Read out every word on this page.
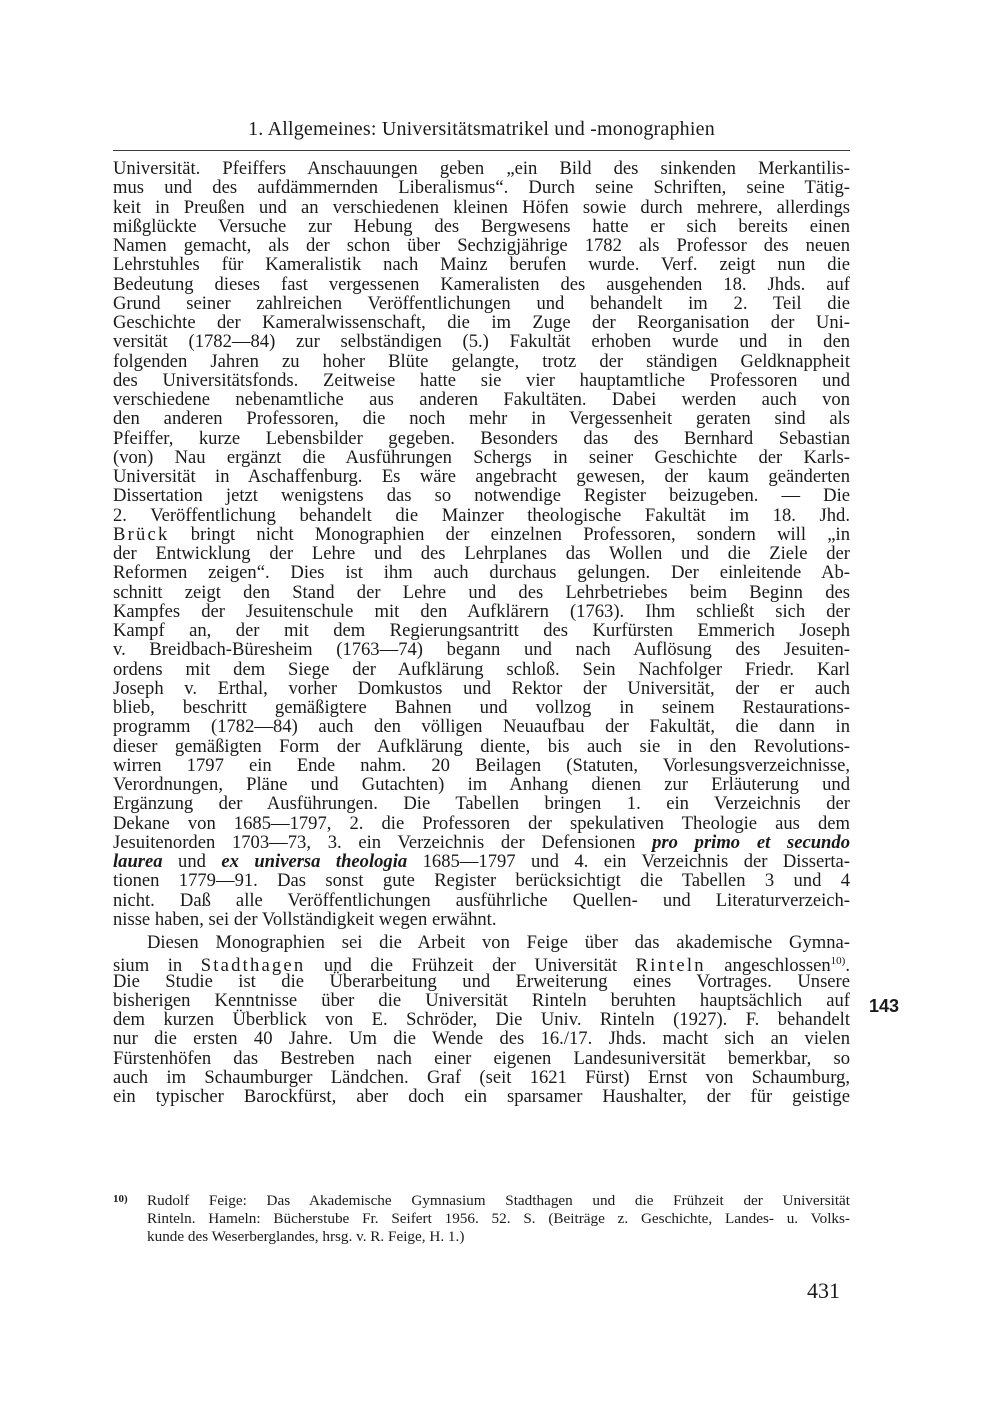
1. Allgemeines: Universitätsmatrikel und -monographien
Universität. Pfeiffers Anschauungen geben „ein Bild des sinkenden Merkantilis-
mus und des aufdämmernden Liberalismus“. Durch seine Schriften, seine Tätig-
keit in Preußen und an verschiedenen kleinen Höfen sowie durch mehrere, allerdings
mißglückte Versuche zur Hebung des Bergwesens hatte er sich bereits einen
Namen gemacht, als der schon über Sechzigjährige 1782 als Professor des neuen
Lehrstuhles für Kameralistik nach Mainz berufen wurde. Verf. zeigt nun die
Bedeutung dieses fast vergessenen Kameralisten des ausgehenden 18. Jhds. auf
Grund seiner zahlreichen Veröffentlichungen und behandelt im 2. Teil die
Geschichte der Kameralwissenschaft, die im Zuge der Reorganisation der Uni-
versität (1782—84) zur selbständigen (5.) Fakultät erhoben wurde und in den
folgenden Jahren zu hoher Blüte gelangte, trotz der ständigen Geldknappheit
des Universitätsfonds. Zeitweise hatte sie vier hauptamtliche Professoren und
verschiedene nebenamtliche aus anderen Fakultäten. Dabei werden auch von
den anderen Professoren, die noch mehr in Vergessenheit geraten sind als
Pfeiffer, kurze Lebensbilder gegeben. Besonders das des Bernhard Sebastian
(von) Nau ergänzt die Ausführungen Schergs in seiner Geschichte der Karls-
Universität in Aschaffenburg. Es wäre angebracht gewesen, der kaum geänderten
Dissertation jetzt wenigstens das so notwendige Register beizugeben. — Die
2. Veröffentlichung behandelt die Mainzer theologische Fakultät im 18. Jhd.
Brück bringt nicht Monographien der einzelnen Professoren, sondern will „in
der Entwicklung der Lehre und des Lehrplanes das Wollen und die Ziele der
Reformen zeigen“. Dies ist ihm auch durchaus gelungen. Der einleitende Ab-
schnitt zeigt den Stand der Lehre und des Lehrbetriebes beim Beginn des
Kampfes der Jesuitenschule mit den Aufklärern (1763). Ihm schließt sich der
Kampf an, der mit dem Regierungsantritt des Kurfürsten Emmerich Joseph
v. Breidbach-Büresheim (1763—74) begann und nach Auflösung des Jesuiten-
ordens mit dem Siege der Aufklärung schloß. Sein Nachfolger Friedr. Karl
Joseph v. Erthal, vorher Domkustos und Rektor der Universität, der er auch
blieb, beschritt gemäßigtere Bahnen und vollzog in seinem Restaurations-
programm (1782—84) auch den völligen Neuaufbau der Fakultät, die dann in
dieser gemäßigten Form der Aufklärung diente, bis auch sie in den Revolutions-
wirren 1797 ein Ende nahm. 20 Beilagen (Statuten, Vorlesungsverzeichnisse,
Verordnungen, Pläne und Gutachten) im Anhang dienen zur Erläuterung und
Ergänzung der Ausführungen. Die Tabellen bringen 1. ein Verzeichnis der
Dekane von 1685—1797, 2. die Professoren der spekulativen Theologie aus dem
Jesuitenorden 1703—73, 3. ein Verzeichnis der Defensionen pro primo et secundo
laurea und ex universa theologia 1685—1797 und 4. ein Verzeichnis der Disserta-
tionen 1779—91. Das sonst gute Register berücksichtigt die Tabellen 3 und 4
nicht. Daß alle Veröffentlichungen ausführliche Quellen- und Literaturverzeich-
nisse haben, sei der Vollständigkeit wegen erwähnt.
Diesen Monographien sei die Arbeit von Feige über das akademische Gymna-
sium in Stadthagen und die Frühzeit der Universität Rinteln angeschlossen$^{10)}$.
Die Studie ist die Überarbeitung und Erweiterung eines Vortrages. Unsere
bisherigen Kenntnisse über die Universität Rinteln beruhten hauptsächlich auf
dem kurzen Überblick von E. Schröder, Die Univ. Rinteln (1927). F. behandelt
nur die ersten 40 Jahre. Um die Wende des 16./17. Jhds. macht sich an vielen
Fürstenhöfen das Bestreben nach einer eigenen Landesuniversität bemerkbar, so
auch im Schaumburger Ländchen. Graf (seit 1621 Fürst) Ernst von Schaumburg,
ein typischer Barockfürst, aber doch ein sparsamer Haushalter, der für geistige
143
10) Rudolf Feige: Das Akademische Gymnasium Stadthagen und die Frühzeit der Universität
Rinteln. Hameln: Bücherstube Fr. Seifert 1956. 52. S. (Beiträge z. Geschichte, Landes- u. Volks-
kunde des Weserberglandes, hrsg. v. R. Feige, H. 1.)
431
